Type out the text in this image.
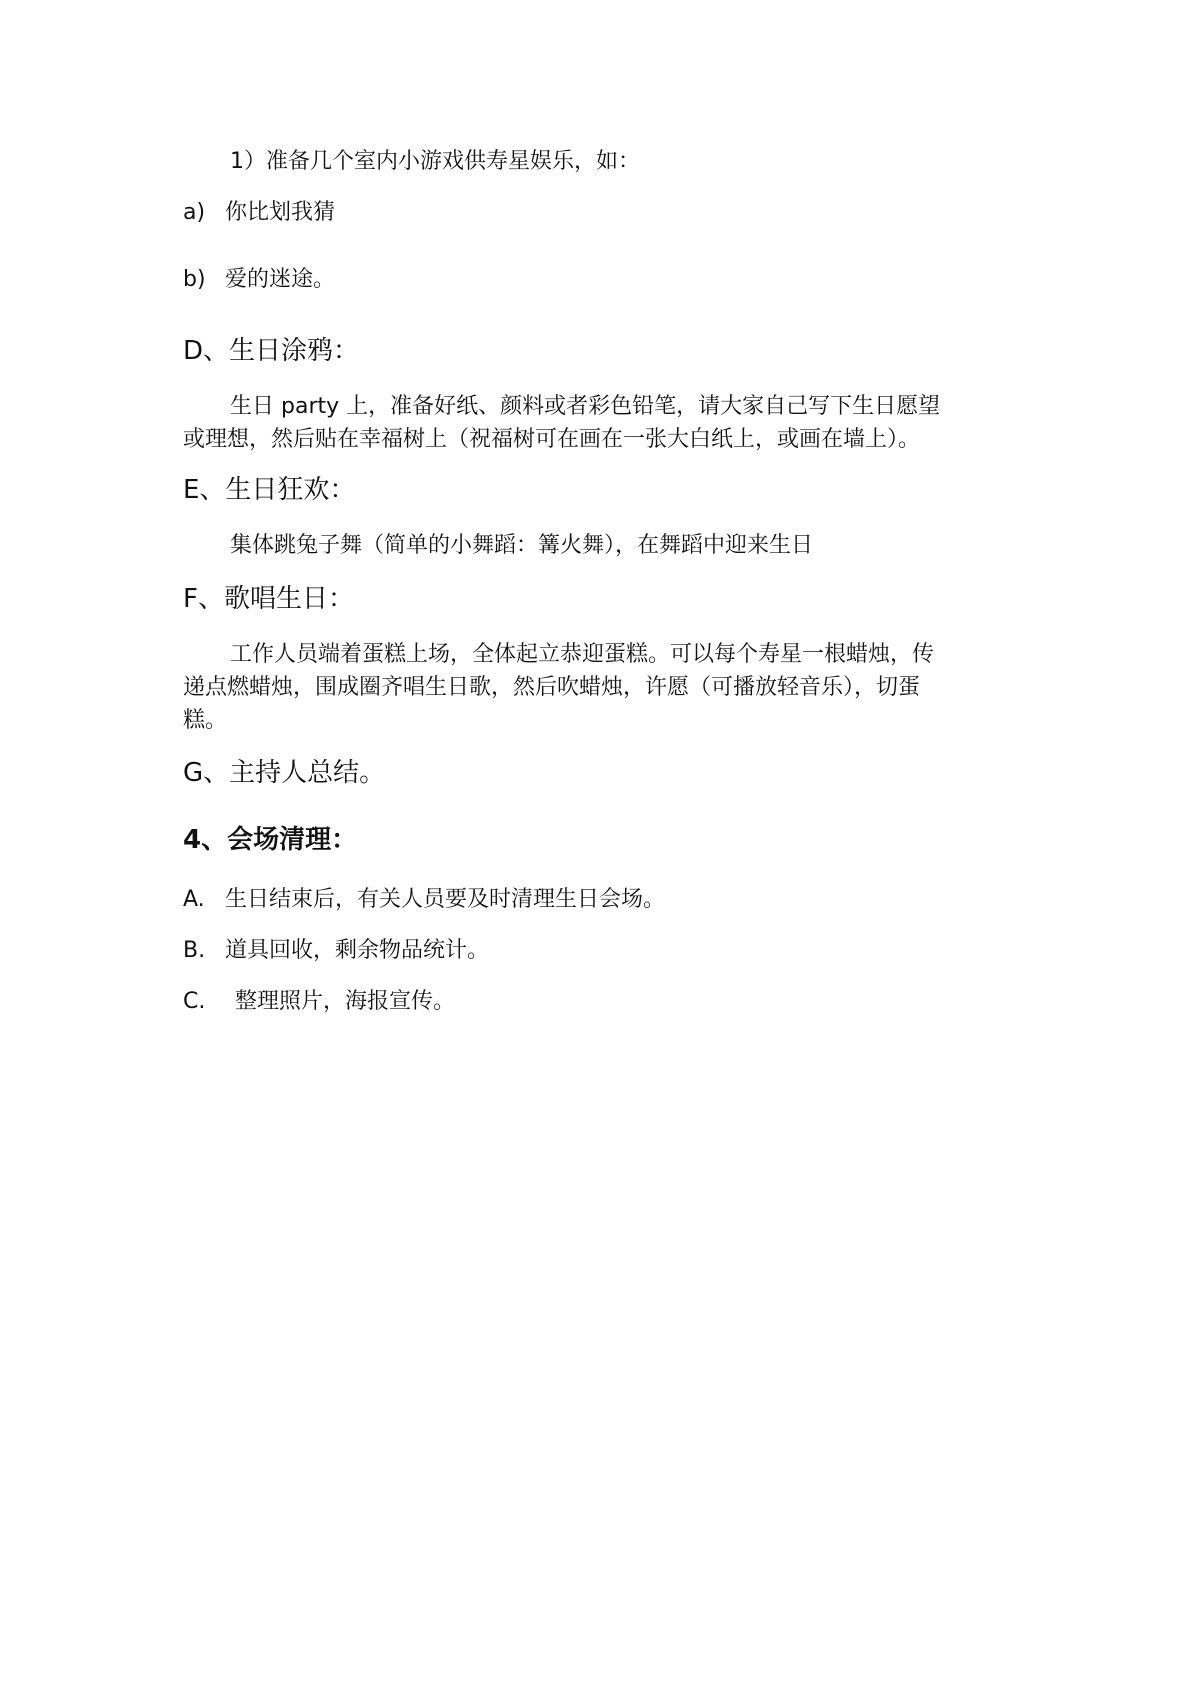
1）准备几个室内小游戏供寿星娱乐，如：
a) 你比划我猜
b) 爱的迷途。
D、生日涂鸦：
生日 party 上，准备好纸、颜料或者彩色铅笔，请大家自己写下生日愿望
或理想，然后贴在幸福树上（祝福树可在画在一张大白纸上，或画在墙上）。
E、生日狂欢：
集体跳兔子舞（简单的小舞蹈：篝火舞），在舞蹈中迎来生日
F、歌唱生日：
工作人员端着蛋糕上场，全体起立恭迎蛋糕。可以每个寿星一根蜡烛，传
递点燃蜡烛，围成圈齐唱生日歌，然后吹蜡烛，许愿（可播放轻音乐），切蛋
糕。
G、主持人总结。
4、会场清理：
A. 生日结束后，有关人员要及时清理生日会场。
B. 道具回收，剩余物品统计。
C. 整理照片，海报宣传。
